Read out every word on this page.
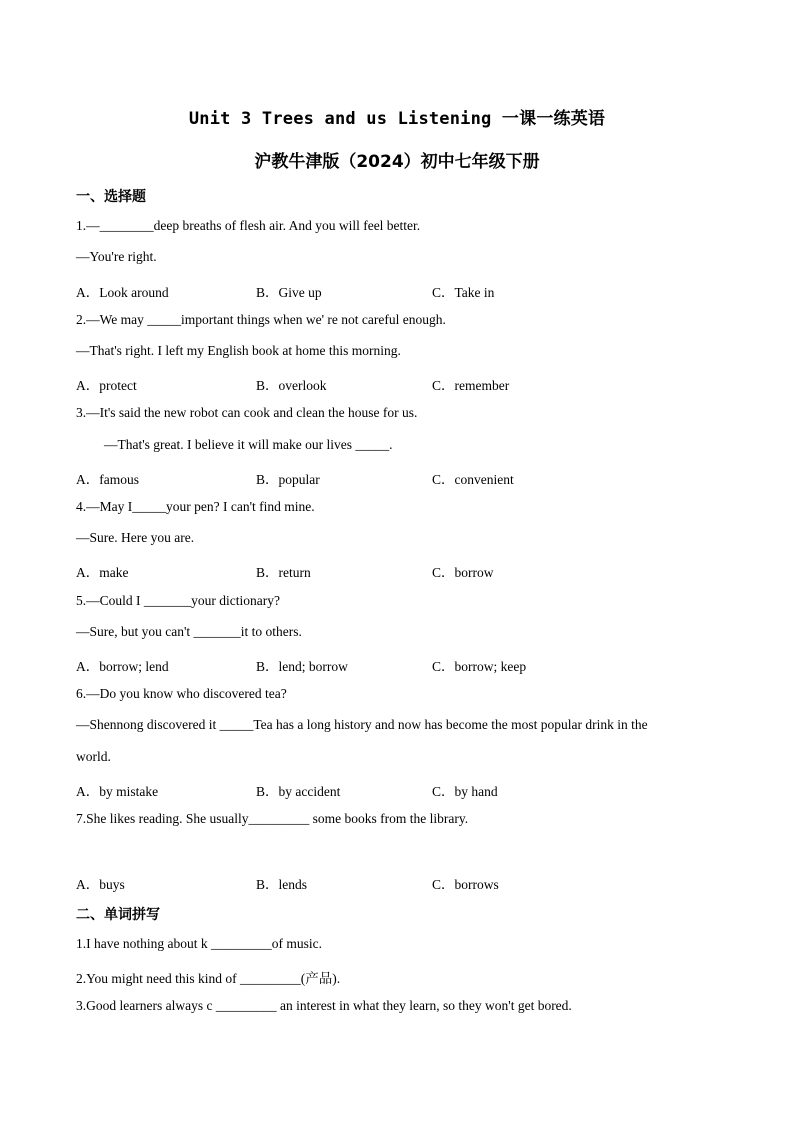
Unit 3 Trees and us Listening 一课一练英语
沪教牛津版（2024）初中七年级下册
一、选择题
1.—________deep breaths of flesh air. And you will feel better.
—You're right.
A．Look around	B．Give up	C．Take in
2.—We may _____important things when we' re not careful enough.
—That's right. I left my English book at home this morning.
A．protect	B．overlook	C．remember
3.—It's said the new robot can cook and clean the house for us.
—That's great. I believe it will make our lives _____.
A．famous	B．popular	C．convenient
4.—May I_____your pen? I can't find mine.
—Sure. Here you are.
A．make	B．return	C．borrow
5.—Could I _______your dictionary?
—Sure, but you can't _______it to others.
A．borrow; lend	B．lend; borrow	C．borrow; keep
6.—Do you know who discovered tea?
—Shennong discovered it _____Tea has a long history and now has become the most popular drink in the
world.
A．by mistake	B．by accident	C．by hand
7.She likes reading. She usually_________ some books from the library.
A．buys	B．lends	C．borrows
二、单词拼写
1.I have nothing about k _________of music.
2.You might need this kind of _________(产品).
3.Good learners always c _________ an interest in what they learn, so they won't get bored.
